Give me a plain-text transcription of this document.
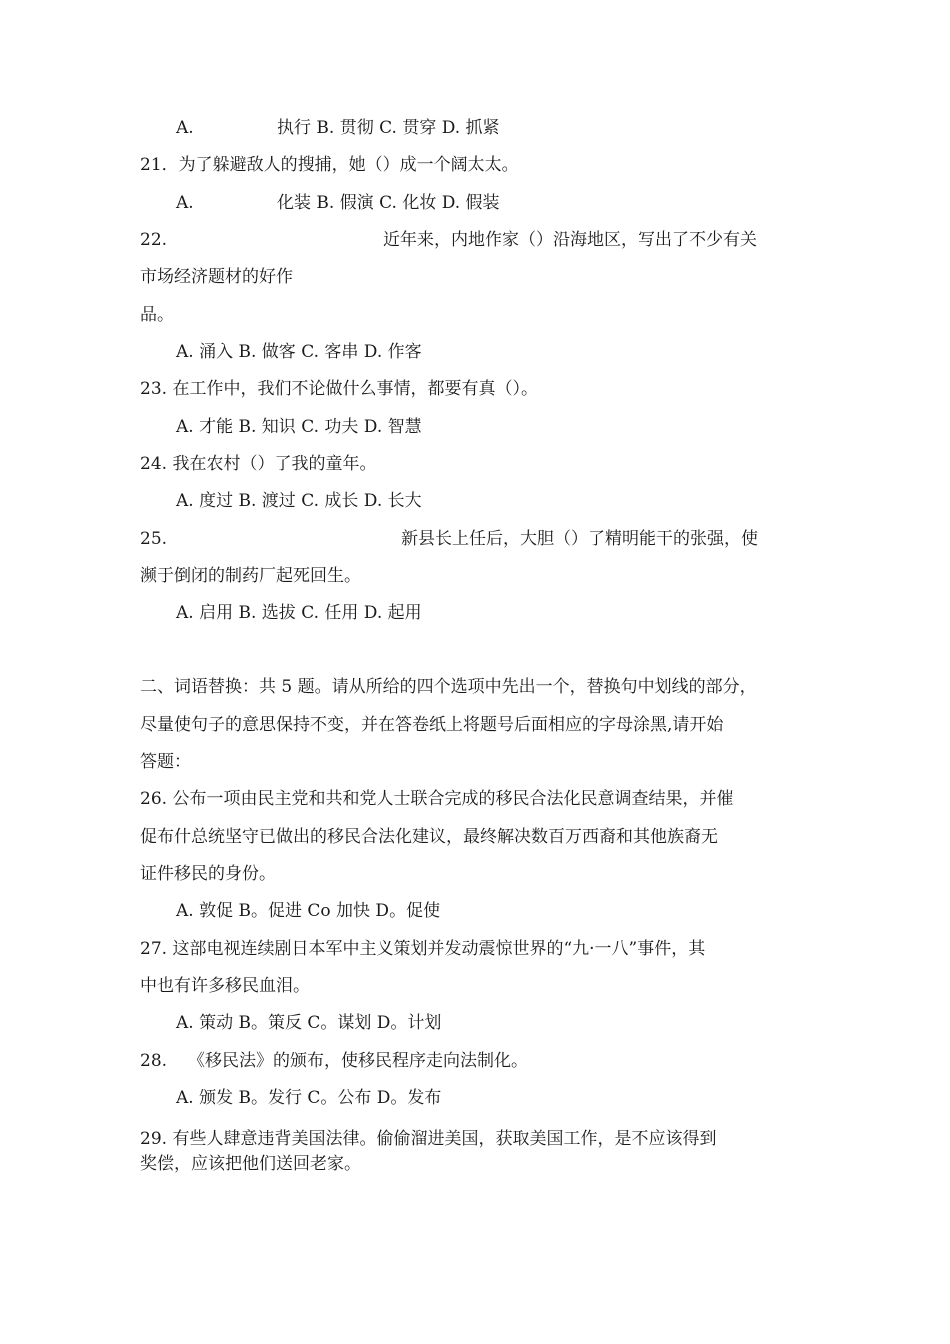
A.	执行 B. 贯彻 C. 贯穿 D. 抓紧
21．为了躲避敌人的搜捕，她（）成一个阔太太。
A.	化装 B. 假演 C. 化妆 D. 假装
22.	近年来，内地作家（）沿海地区，写出了不少有关
市场经济题材的好作
品。
A. 涌入 B. 做客 C. 客串 D. 作客
23. 在工作中，我们不论做什么事情，都要有真（）。
A. 才能 B. 知识 C. 功夫 D. 智慧
24. 我在农村（）了我的童年。
A. 度过 B. 渡过 C. 成长 D. 长大
25.	新县长上任后，大胆（）了精明能干的张强，使
濒于倒闭的制药厂起死回生。
A. 启用 B. 选拔 C. 任用 D. 起用
二、词语替换：共 5 题。请从所给的四个选项中先出一个，替换句中划线的部分，
尽量使句子的意思保持不变，并在答卷纸上将题号后面相应的字母涂黑,请开始
答题：
26. 公布一项由民主党和共和党人士联合完成的移民合法化民意调查结果，并催
促布什总统坚守已做出的移民合法化建议，最终解决数百万西裔和其他族裔无
证件移民的身份。
A. 敦促 B。促进 Co 加快 D。促使
27. 这部电视连续剧日本军中主义策划并发动震惊世界的“九·一八”事件，其
中也有许多移民血泪。
A. 策动 B。策反 C。谋划 D。计划
28. 《移民法》的颁布，使移民程序走向法制化。
A. 颁发 B。发行 C。公布 D。发布
29. 有些人肆意违背美国法律。偷偷溜进美国，获取美国工作，是不应该得到
奖偿，应该把他们送回老家。
